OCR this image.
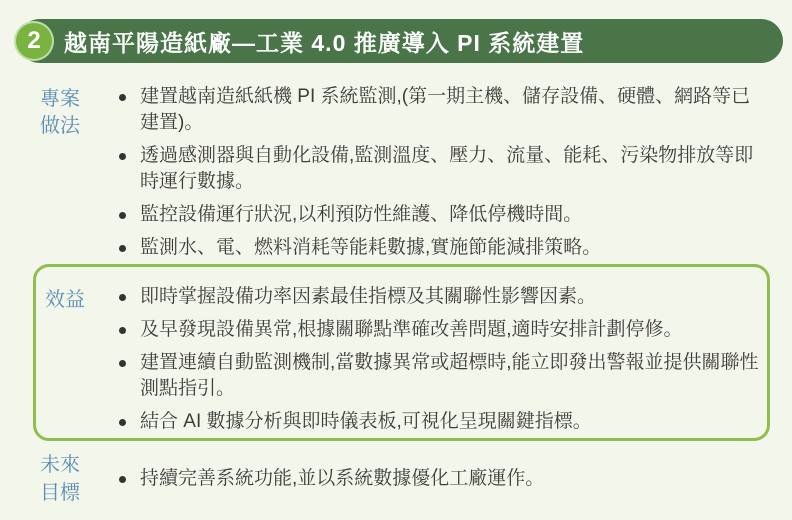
2 越南平陽造紙廠—工業 4.0 推廣導入 PI 系統建置
專案做法
建置越南造紙紙機 PI 系統監測,(第一期主機、儲存設備、硬體、網路等已建置)。
透過感測器與自動化設備,監測溫度、壓力、流量、能耗、污染物排放等即時運行數據。
監控設備運行狀況,以利預防性維護、降低停機時間。
監測水、電、燃料消耗等能耗數據,實施節能減排策略。
效益	即時掌握設備功率因素最佳指標及其關聯性影響因素。
及早發現設備異常,根據關聯點準確改善問題,適時安排計劃停修。
建置連續自動監測機制,當數據異常或超標時,能立即發出警報並提供關聯性測點指引。
結合 AI 數據分析與即時儀表板,可視化呈現關鍵指標。
未來目標
持續完善系統功能,並以系統數據優化工廠運作。
